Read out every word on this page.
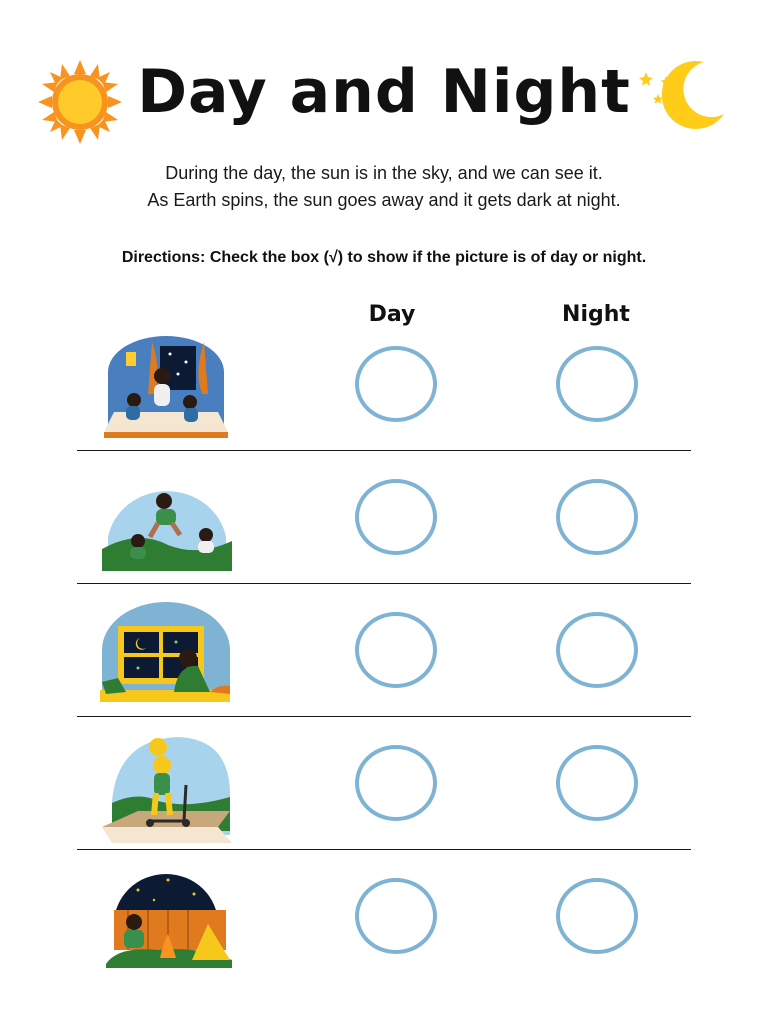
Day and Night
During the day, the sun is in the sky, and we can see it.
As Earth spins, the sun goes away and it gets dark at night.
Directions: Check the box (√) to show if the picture is of day or night.
Day	Night
